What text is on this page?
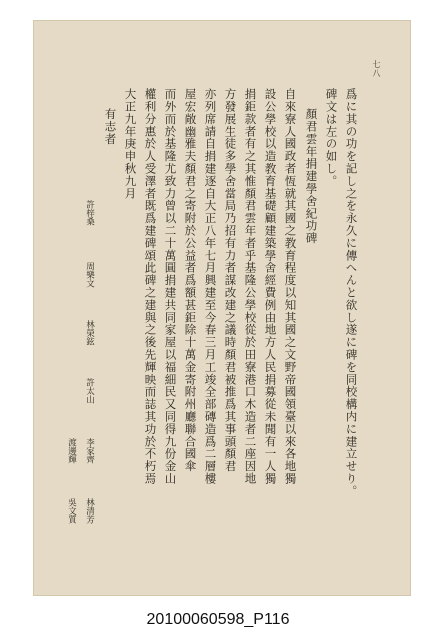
七八
爲に其の功を記し之を永久に傳へんと欲し遂に碑を同校構内に建立せり。
碑文は左の如し。
顏君雲年捐建學舍紀功碑
自來寮人國政者恆就其國之教育程度以知其國之文野帝國領臺以來各地獨
設公學校以造教育基礎顧建築學舍經費例由地方人民捐募從未聞有一人獨
捐鉅款者有之其惟顏君雲年者乎基隆公學校從於田寮港口木造者二座因地
方發展生徒多學舍當局乃招有力者謀改建之議時顏君被推爲其事頭顏君
亦列席請自捐建逐自大正八年七月興建至今春三月工竣全部磚造爲二層樓
屋宏敞幽雅夫顏君之寄附於公益者爲額甚鉅除十萬金寄附州廳聯合國傘
而外而於基隆尤致力曾以二十萬圓捐建共同家屋以福細民又同得九份金山
權利分惠於人受澤者既爲建碑頌此碑之建與之後先輝映而誌其功於不朽焉
大正九年庚申秋九月
有志者
許梓桑
周樂文
林榮鉉
許太山
李家齊
林清芳
渡邊輝
吳文質
20100060598_P116
